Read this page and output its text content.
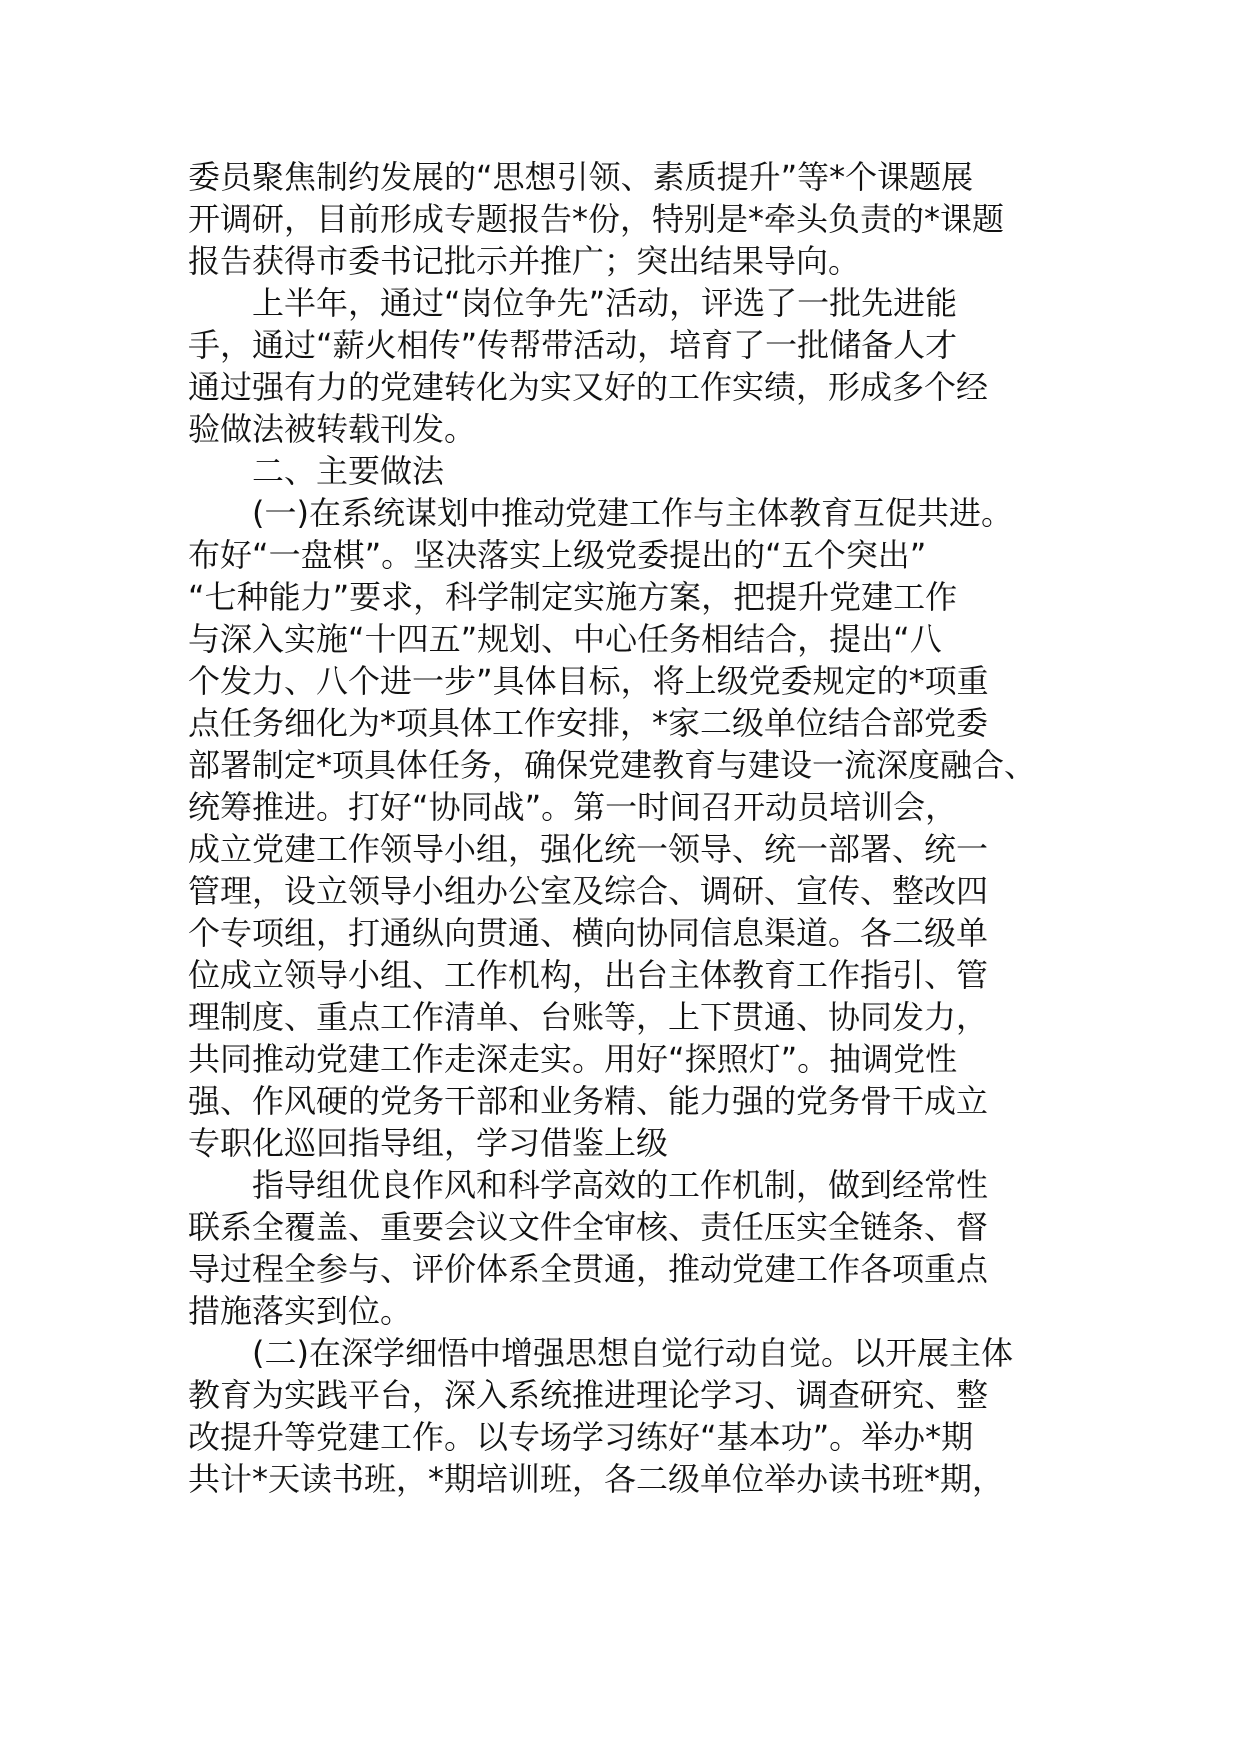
委员聚焦制约发展的“思想引领、素质提升”等*个课题展
开调研，目前形成专题报告*份，特别是*牵头负责的*课题
报告获得市委书记批示并推广；突出结果导向。
上半年，通过“岗位争先”活动，评选了一批先进能
手，通过“薪火相传”传帮带活动，培育了一批储备人才
通过强有力的党建转化为实又好的工作实绩，形成多个经
验做法被转载刊发。
二、主要做法
(一)在系统谋划中推动党建工作与主体教育互促共进。
布好“一盘棋”。坚决落实上级党委提出的“五个突出”
“七种能力”要求，科学制定实施方案，把提升党建工作
与深入实施“十四五”规划、中心任务相结合，提出“八
个发力、八个进一步”具体目标，将上级党委规定的*项重
点任务细化为*项具体工作安排，*家二级单位结合部党委
部署制定*项具体任务，确保党建教育与建设一流深度融合、
统筹推进。打好“协同战”。第一时间召开动员培训会，
成立党建工作领导小组，强化统一领导、统一部署、统一
管理，设立领导小组办公室及综合、调研、宣传、整改四
个专项组，打通纵向贯通、横向协同信息渠道。各二级单
位成立领导小组、工作机构，出台主体教育工作指引、管
理制度、重点工作清单、台账等，上下贯通、协同发力，
共同推动党建工作走深走实。用好“探照灯”。抽调党性
强、作风硬的党务干部和业务精、能力强的党务骨干成立
专职化巡回指导组，学习借鉴上级
指导组优良作风和科学高效的工作机制，做到经常性
联系全覆盖、重要会议文件全审核、责任压实全链条、督
导过程全参与、评价体系全贯通，推动党建工作各项重点
措施落实到位。
(二)在深学细悟中增强思想自觉行动自觉。以开展主体
教育为实践平台，深入系统推进理论学习、调查研究、整
改提升等党建工作。以专场学习练好“基本功”。举办*期
共计*天读书班，*期培训班，各二级单位举办读书班*期，
